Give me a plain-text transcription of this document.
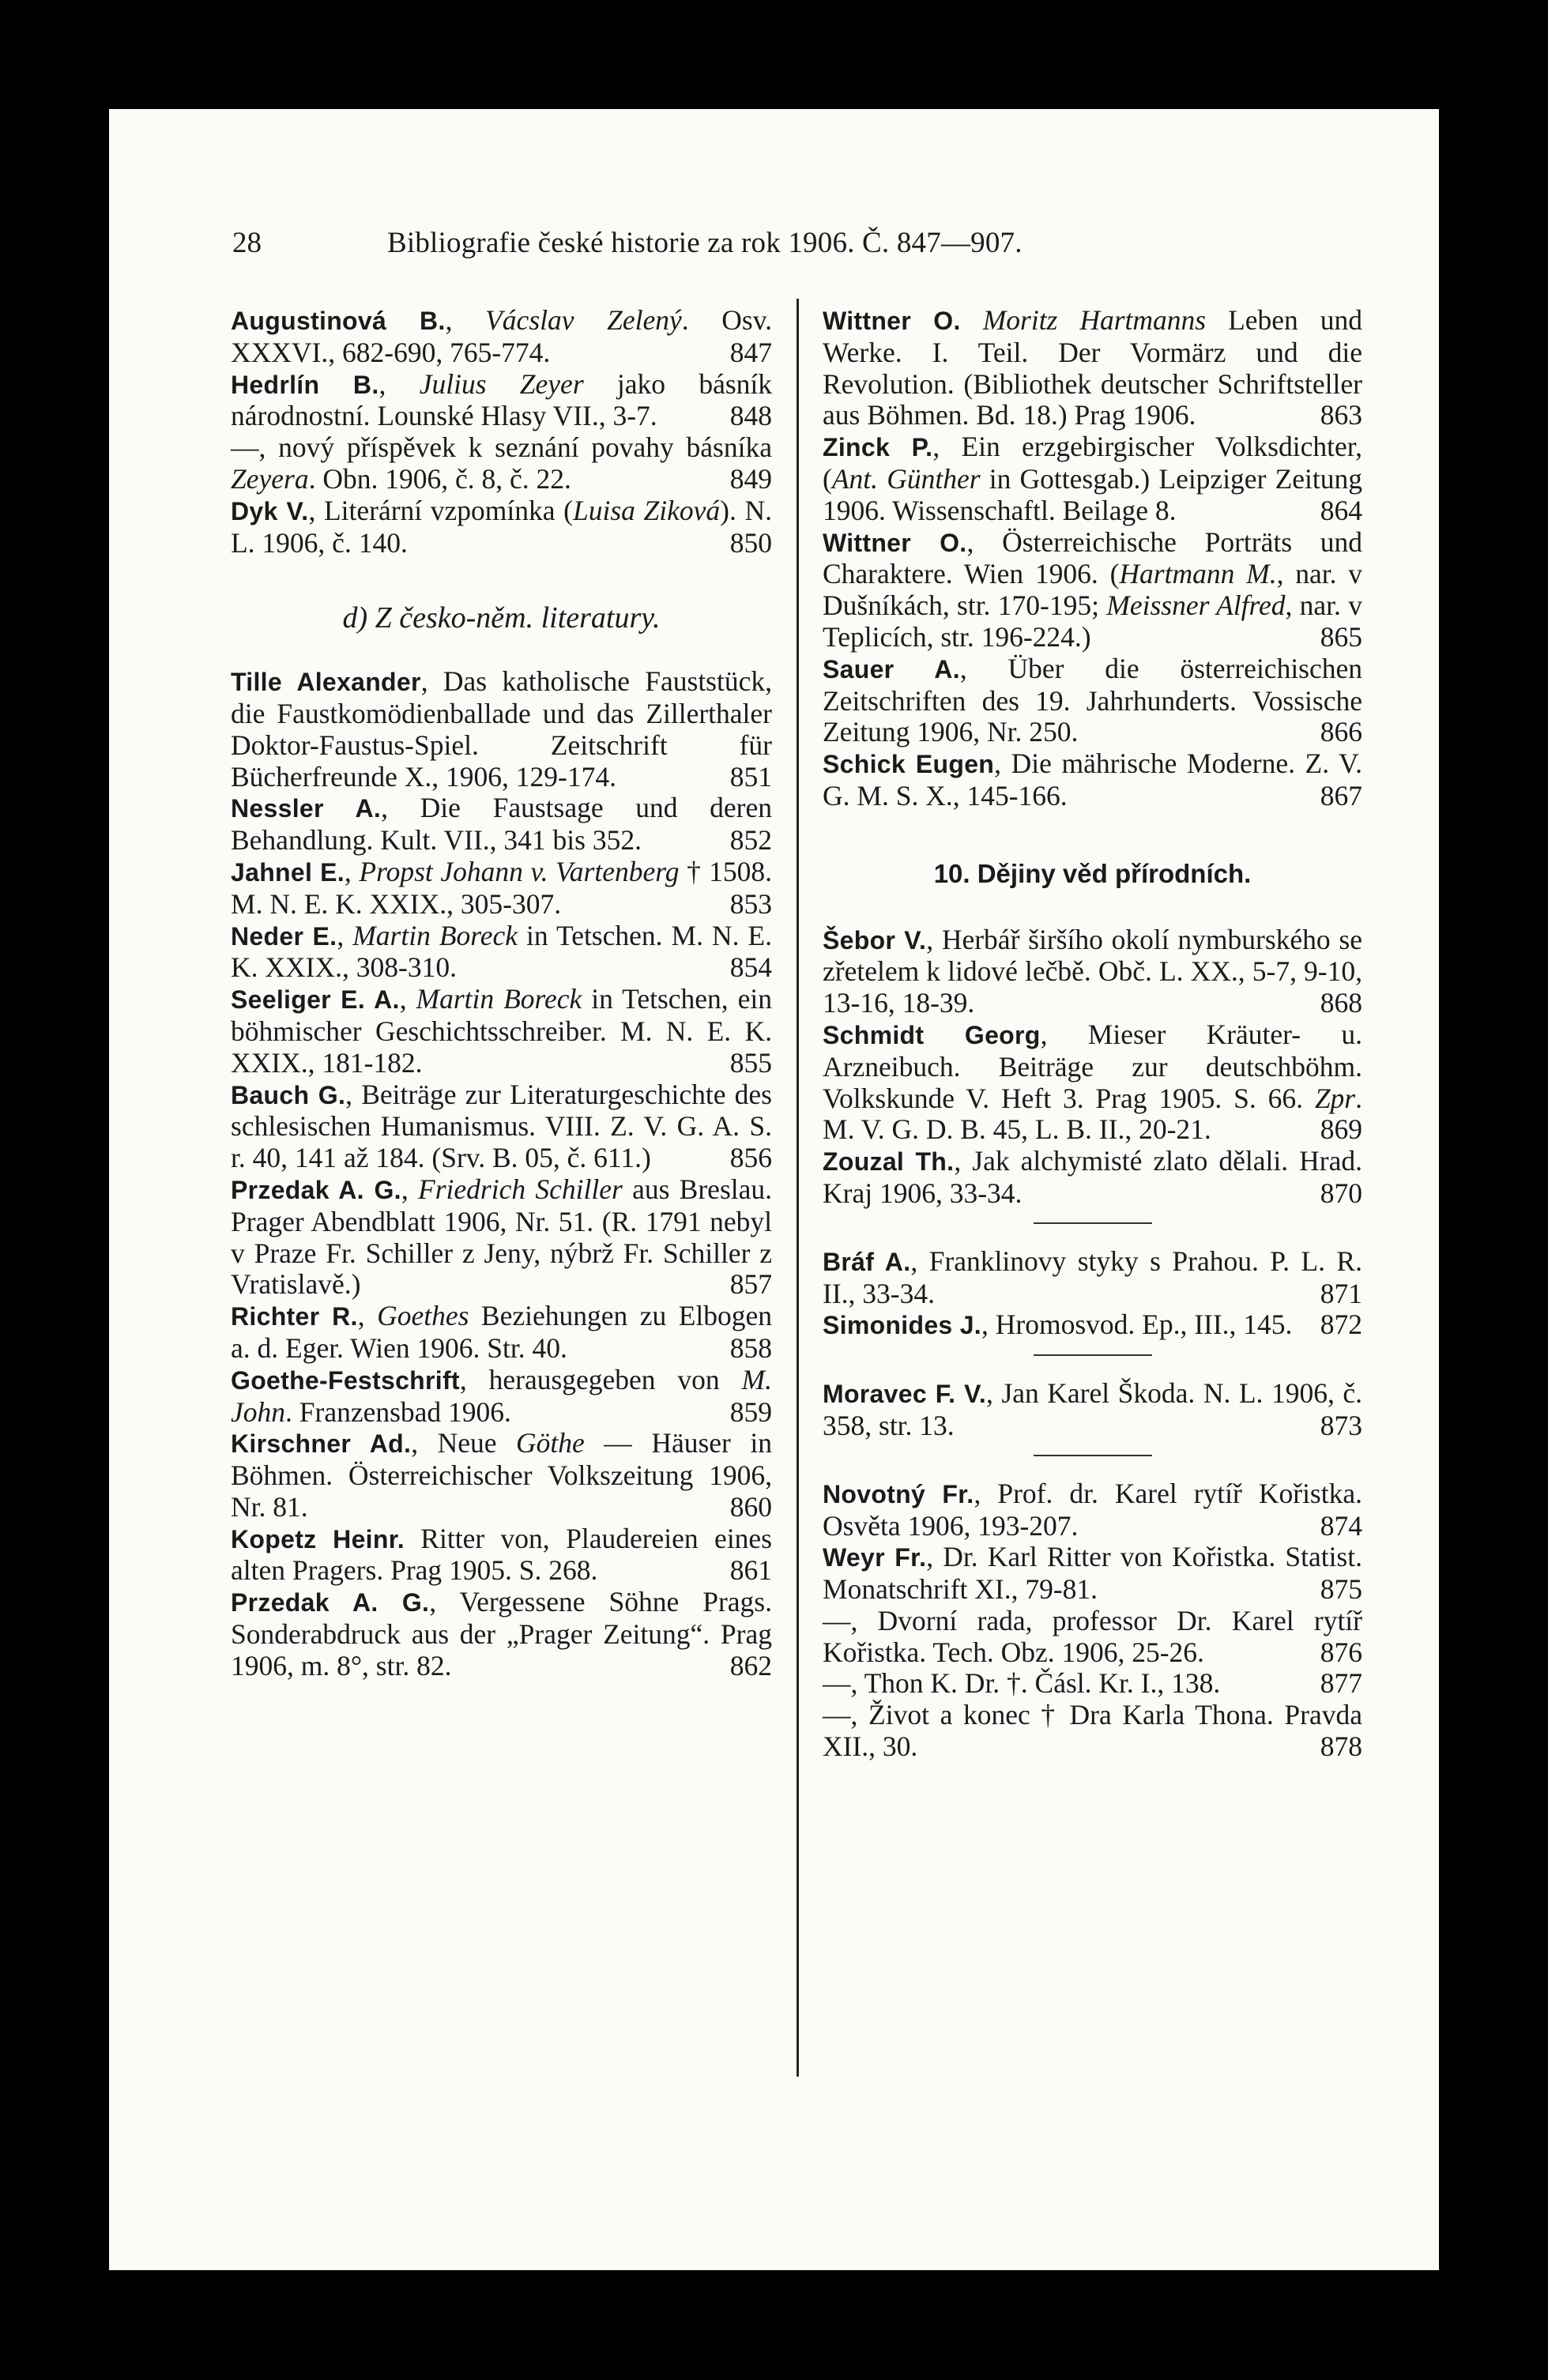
28	Bibliografie české historie za rok 1906. Č. 847—907.
Augustinová B., Vácslav Zelený. Osv. XXXVI., 682-690, 765-774.	847
Hedrlín B., Julius Zeyer jako básník národnostní. Lounské Hlasy VII., 3-7.	848
—, nový příspěvek k seznání povahy básníka Zeyera. Obn. 1906, č. 8, č. 22.	849
Dyk V., Literární vzpomínka (Luisa Ziková). N. L. 1906, č. 140.	850
d) Z česko-něm. literatury.
Tille Alexander, Das katholische Fauststück, die Faustkomödienballade und das Zillerthaler Doktor-Faustus-Spiel. Zeitschrift für Bücherfreunde X., 1906, 129-174.	851
Nessler A., Die Faustsage und deren Behandlung. Kult. VII., 341 bis 352.	852
Jahnel E., Propst Johann v. Vartenberg † 1508. M. N. E. K. XXIX., 305-307.	853
Neder E., Martin Boreck in Tetschen. M. N. E. K. XXIX., 308-310.	854
Seeliger E. A., Martin Boreck in Tetschen, ein böhmischer Geschichtsschreiber. M. N. E. K. XXIX., 181-182.	855
Bauch G., Beiträge zur Literaturgeschichte des schlesischen Humanismus. VIII. Z. V. G. A. S. r. 40, 141 až 184. (Srv. B. 05, č. 611.)	856
Przedak A. G., Friedrich Schiller aus Breslau. Prager Abendblatt 1906, Nr. 51. (R. 1791 nebyl v Praze Fr. Schiller z Jeny, nýbrž Fr. Schiller z Vratislavě.)	857
Richter R., Goethes Beziehungen zu Elbogen a. d. Eger. Wien 1906. Str. 40.	858
Goethe-Festschrift, herausgegeben von M. John. Franzensbad 1906.	859
Kirschner Ad., Neue Göthe — Häuser in Böhmen. Österreichischer Volkszeitung 1906, Nr. 81.	860
Kopetz Heinr. Ritter von, Plaudereien eines alten Pragers. Prag 1905. S. 268.	861
Przedak A. G., Vergessene Söhne Prags. Sonderabdruck aus der „Prager Zeitung“. Prag 1906, m. 8°, str. 82.	862
Wittner O. Moritz Hartmanns Leben und Werke. I. Teil. Der Vormärz und die Revolution. (Bibliothek deutscher Schriftsteller aus Böhmen. Bd. 18.) Prag 1906.	863
Zinck P., Ein erzgebirgischer Volksdichter, (Ant. Günther in Gottesgab.) Leipziger Zeitung 1906. Wissenschaftl. Beilage 8.	864
Wittner O., Österreichische Porträts und Charaktere. Wien 1906. (Hartmann M., nar. v Dušníkách, str. 170-195; Meissner Alfred, nar. v Teplicích, str. 196-224.)	865
Sauer A., Über die österreichischen Zeitschriften des 19. Jahrhunderts. Vossische Zeitung 1906, Nr. 250.	866
Schick Eugen, Die mährische Moderne. Z. V. G. M. S. X., 145-166.	867
10. Dějiny věd přírodních.
Šebor V., Herbář širšího okolí nymburského se zřetelem k lidové lečbě. Obč. L. XX., 5-7, 9-10, 13-16, 18-39.	868
Schmidt Georg, Mieser Kräuter- u. Arzneibuch. Beiträge zur deutschböhm. Volkskunde V. Heft 3. Prag 1905. S. 66. Zpr. M. V. G. D. B. 45, L. B. II., 20-21.	869
Zouzal Th., Jak alchymisté zlato dělali. Hrad. Kraj 1906, 33-34.	870
Bráf A., Franklinovy styky s Prahou. P. L. R. II., 33-34.	871
Simonides J., Hromosvod. Ep., III., 145. 872
Moravec F. V., Jan Karel Škoda. N. L. 1906, č. 358, str. 13.	873
Novotný Fr., Prof. dr. Karel rytíř Kořistka. Osvěta 1906, 193-207.	874
Weyr Fr., Dr. Karl Ritter von Kořistka. Statist. Monatschrift XI., 79-81.	875
—, Dvorní rada, professor Dr. Karel rytíř Kořistka. Tech. Obz. 1906, 25-26.	876
—, Thon K. Dr. †. Čásl. Kr. I., 138.	877
—, Život a konec † Dra Karla Thona. Pravda XII., 30.	878
